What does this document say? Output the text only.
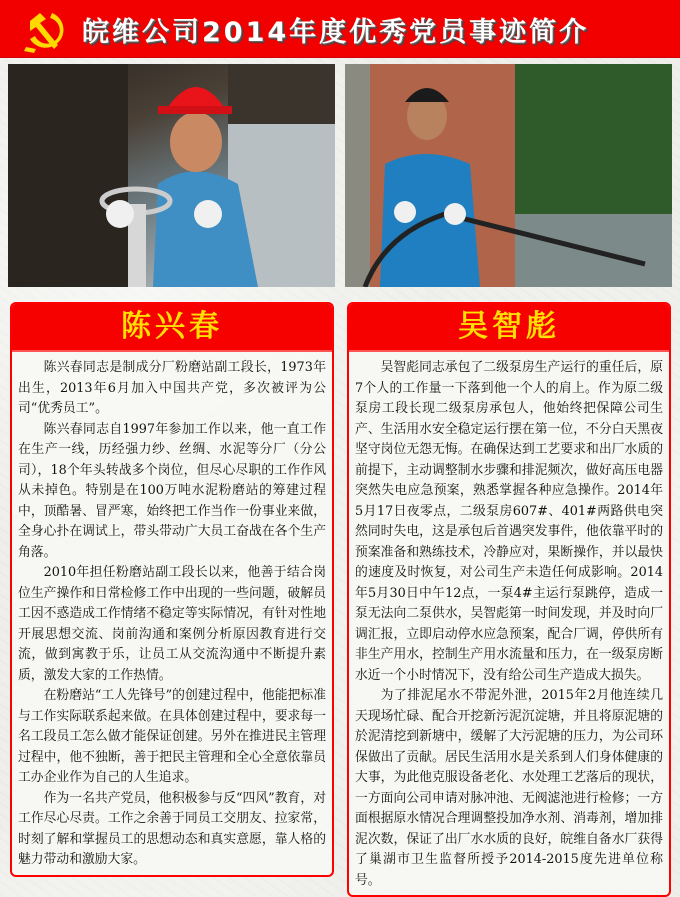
皖维公司2014年度优秀党员事迹简介
陈兴春

陈兴春同志是制成分厂粉磨站副工段长，1973年出生，2013年6月加入中国共产党，多次被评为公司“优秀员工”。

陈兴春同志自1997年参加工作以来，他一直工作在生产一线，历经强力纱、丝绸、水泥等分厂（分公司），18个年头转战多个岗位，但尽心尽职的工作作风从未掉色。特别是在100万吨水泥粉磨站的筹建过程中，顶酷暑、冒严寒，始终把工作当作一份事业来做，全身心扑在调试上，带头带动广大员工奋战在各个生产角落。

2010年担任粉磨站副工段长以来，他善于结合岗位生产操作和日常检修工作中出现的一些问题，破解员工因不惑造成工作情绪不稳定等实际情况，有针对性地开展思想交流、岗前沟通和案例分析原因教育进行交流，做到寓教于乐，让员工从交流沟通中不断提升素质，激发大家的工作热情。

在粉磨站“工人先锋号”的创建过程中，他能把标准与工作实际联系起来做。在具体创建过程中，要求每一名工段员工怎么做才能保证创建。另外在推进民主管理过程中，他不独断，善于把民主管理和全心全意依靠员工办企业作为自己的人生追求。

作为一名共产党员，他积极参与反“四风”教育，对工作尽心尽责。工作之余善于同员工交朋友、拉家常，时刻了解和掌握员工的思想动态和真实意愿，靠人格的魅力带动和激励大家。

吴智彪

吴智彪同志承包了二级泵房生产运行的重任后，原7个人的工作量一下落到他一个人的肩上。作为原二级泵房工段长现二级泵房承包人，他始终把保障公司生产、生活用水安全稳定运行摆在第一位，不分白天黑夜坚守岗位无怨无悔。在确保达到工艺要求和出厂水质的前提下，主动调整制水步骤和排泥频次，做好高压电器突然失电应急预案，熟悉掌握各种应急操作。2014年5月17日夜零点，二级泵房607#、401#两路供电突然同时失电，这是承包后首遇突发事件，他依靠平时的预案准备和熟练技术，冷静应对，果断操作，并以最快的速度及时恢复，对公司生产未造任何成影响。2014年5月30日中午12点，一泵4#主运行泵跳停，造成一泵无法向二泵供水，吴智彪第一时间发现，并及时向厂调汇报，立即启动停水应急预案，配合厂调，停供所有非生产用水，控制生产用水流量和压力，在一级泵房断水近一个小时情况下，没有给公司生产造成大损失。

为了排泥尾水不带泥外泄，2015年2月他连续几天现场忙碌、配合开挖新污泥沉淀塘，并且将原泥塘的於泥清挖到新塘中，缓解了大污泥塘的压力，为公司环保做出了贡献。居民生活用水是关系到人们身体健康的大事，为此他克服设备老化、水处理工艺落后的现状，一方面向公司申请对脉冲池、无阀滤池进行检修；一方面根据原水情况合理调整投加净水剂、消毒剂，增加排泥次数，保证了出厂水水质的良好，皖维自备水厂获得了巢湖市卫生监督所授予2014-2015度先进单位称号。
